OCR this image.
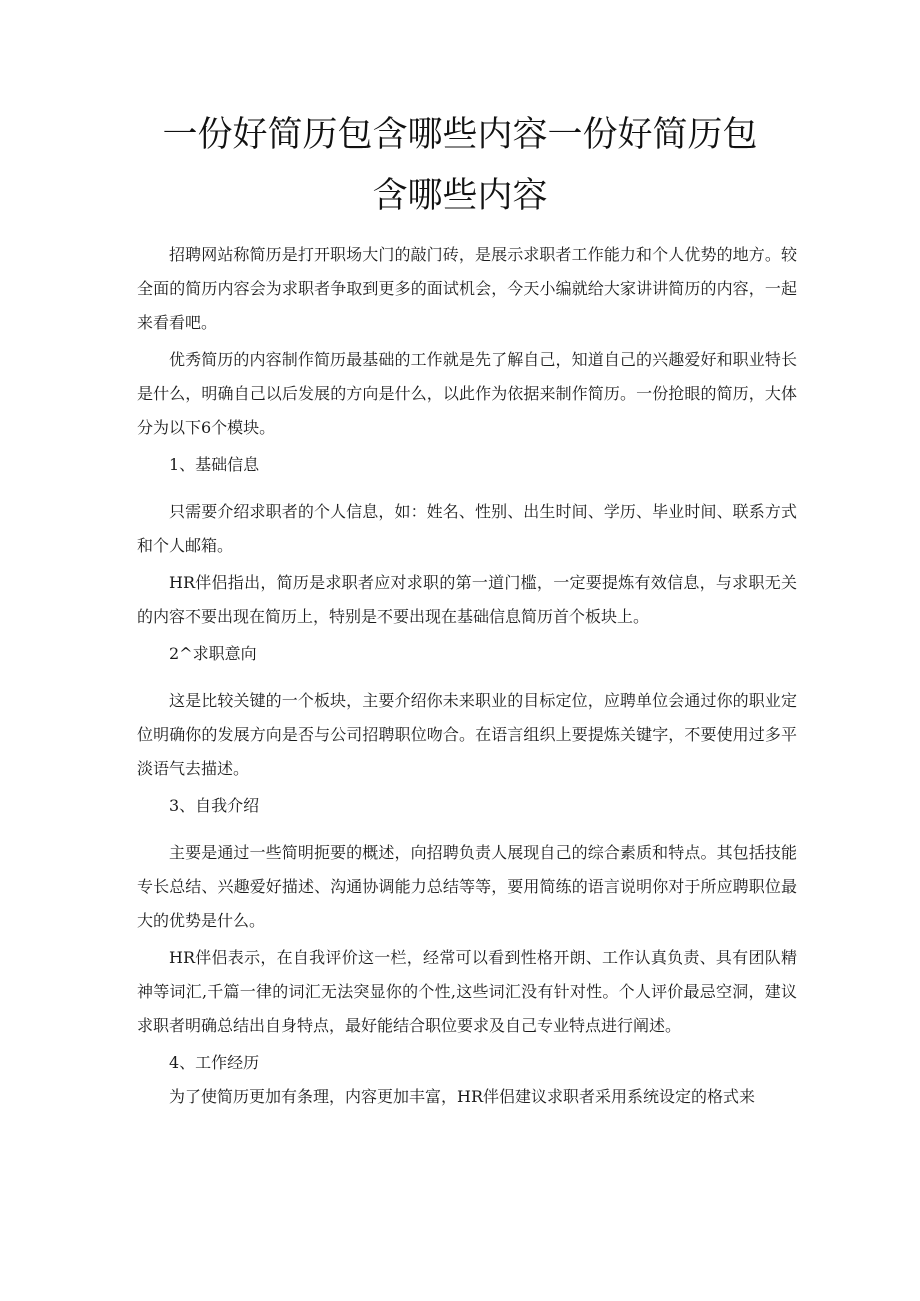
一份好简历包含哪些内容一份好简历包
含哪些内容

招聘网站称简历是打开职场大门的敲门砖，是展示求职者工作能力和个人优势的地方。较全面的简历内容会为求职者争取到更多的面试机会，今天小编就给大家讲讲简历的内容，一起来看看吧。

优秀简历的内容制作简历最基础的工作就是先了解自己，知道自己的兴趣爱好和职业特长是什么，明确自己以后发展的方向是什么，以此作为依据来制作简历。一份抢眼的简历，大体分为以下6个模块。

1、基础信息

只需要介绍求职者的个人信息，如：姓名、性别、出生时间、学历、毕业时间、联系方式和个人邮箱。

HR伴侣指出，简历是求职者应对求职的第一道门槛，一定要提炼有效信息，与求职无关的内容不要出现在简历上，特别是不要出现在基础信息简历首个板块上。

2^求职意向

这是比较关键的一个板块，主要介绍你未来职业的目标定位，应聘单位会通过你的职业定位明确你的发展方向是否与公司招聘职位吻合。在语言组织上要提炼关键字，不要使用过多平淡语气去描述。

3、自我介绍

主要是通过一些简明扼要的概述，向招聘负责人展现自己的综合素质和特点。其包括技能专长总结、兴趣爱好描述、沟通协调能力总结等等，要用简练的语言说明你对于所应聘职位最大的优势是什么。

HR伴侣表示，在自我评价这一栏，经常可以看到性格开朗、工作认真负责、具有团队精神等词汇,千篇一律的词汇无法突显你的个性,这些词汇没有针对性。个人评价最忌空洞，建议求职者明确总结出自身特点，最好能结合职位要求及自己专业特点进行阐述。

4、工作经历

为了使简历更加有条理，内容更加丰富，HR伴侣建议求职者采用系统设定的格式来
